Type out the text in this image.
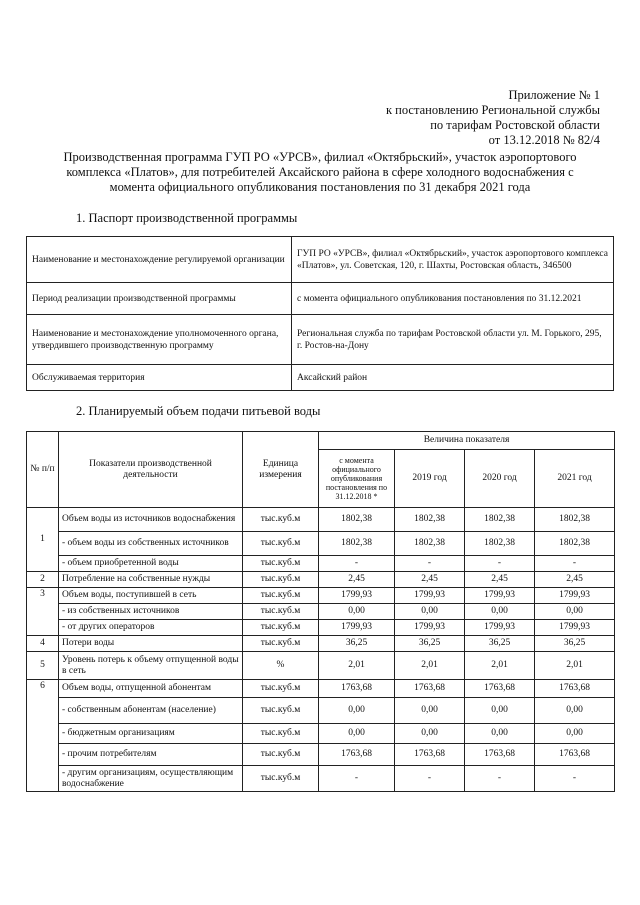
Приложение № 1
к постановлению Региональной службы
по тарифам Ростовской области
от 13.12.2018 № 82/4
Производственная программа ГУП РО «УРСВ», филиал «Октябрьский», участок аэропортового
комплекса «Платов», для потребителей Аксайского района в сфере холодного водоснабжения с
момента официального опубликования постановления по 31 декабря 2021 года
1. Паспорт производственной программы
Наименование и местонахождение регулируемой организации	ГУП РО «УРСВ», филиал «Октябрьский», участок аэропортового комплекса «Платов», ул. Советская, 120, г. Шахты, Ростовская область, 346500
Период реализации производственной программы	с момента официального опубликования постановления по 31.12.2021
Наименование и местонахождение уполномоченного органа, утвердившего производственную программу	Региональная служба по тарифам Ростовской области ул. М. Горького, 295, г. Ростов-на-Дону
Обслуживаемая территория	Аксайский район
2. Планируемый объем подачи питьевой воды
№ п/п	Показатели производственной деятельности	Единица измерения	Величина показателя			
			с момента официального опубликования постановления по 31.12.2018 *	2019 год	2020 год	2021 год
1	Объем воды из источников водоснабжения	тыс.куб.м	1802,38	1802,38	1802,38	1802,38
	- объем воды из собственных источников	тыс.куб.м	1802,38	1802,38	1802,38	1802,38
	- объем приобретенной воды	тыс.куб.м	-	-	-	-
2	Потребление на собственные нужды	тыс.куб.м	2,45	2,45	2,45	2,45
3	Объем воды, поступившей в сеть	тыс.куб.м	1799,93	1799,93	1799,93	1799,93
	- из собственных источников	тыс.куб.м	0,00	0,00	0,00	0,00
	- от других операторов	тыс.куб.м	1799,93	1799,93	1799,93	1799,93
4	Потери воды	тыс.куб.м	36,25	36,25	36,25	36,25
5	Уровень потерь к объему отпущенной воды в сеть	%	2,01	2,01	2,01	2,01
6	Объем воды, отпущенной абонентам	тыс.куб.м	1763,68	1763,68	1763,68	1763,68
	- собственным абонентам (население)	тыс.куб.м	0,00	0,00	0,00	0,00
	- бюджетным организациям	тыс.куб.м	0,00	0,00	0,00	0,00
	- прочим потребителям	тыс.куб.м	1763,68	1763,68	1763,68	1763,68
	- другим организациям, осуществляющим водоснабжение	тыс.куб.м	-	-	-	-
